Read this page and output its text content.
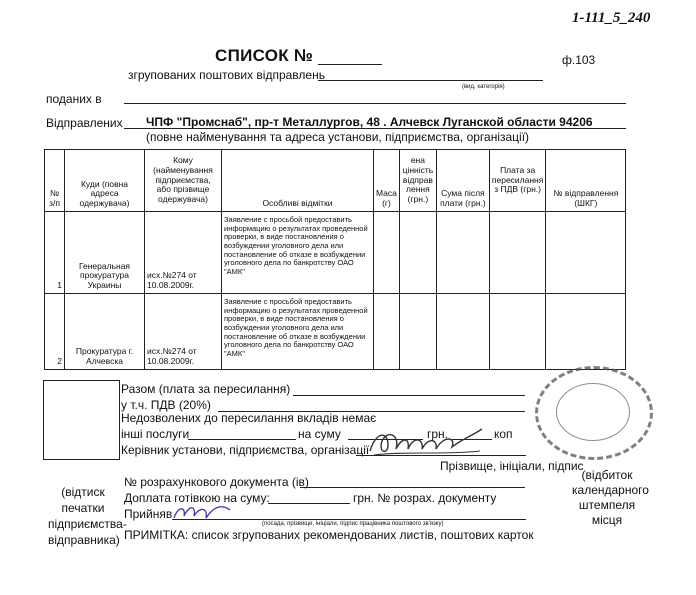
1-111_5_240
СПИСОК №	ф.103
згрупованих поштових відправлень
(вид, категорія)
поданих в
Відправлених ЧПФ "Промснаб", пр-т Металлургов, 48 . Алчевск Луганской области 94206
(повне найменування та адреса установи, підприємства, організації)
№ з/п	Куди (повна адреса одержувача)	Кому (найменування підприємства, або прізвище одержувача)	Особливі відмітки	Маса (г)	ена цінність відправ лення (грн.)	Сума після плати (грн.)	Плата за пересилання з ПДВ (грн.)	№ відправлення (ШКГ)
1	Генеральная прокуратура Украины	исх.№274 от 10.08.2009г.	Заявление с просьбой предоставить информацию о результатах проведенной проверки, в виде постановления о возбуждении уголовного дела или постановление об отказе в возбуждении уголовного дела по банкротству ОАО "АМК"					
2	Прокуратура г. Алчевска	исх.№274 от 10.08.2009г.	Заявление с просьбой предоставить информацию о результатах проведенной проверки, в виде постановления о возбуждении уголовного дела или постановление об отказе в возбуждении уголовного дела по банкротству ОАО "АМК"					
Разом (плата за пересилання)
у т.ч. ПДВ (20%)
Недозволених до пересилання вкладів немає
інші послуги	на суму	грн.	коп
Керівник установи, підприємства, організації
Прізвище, ініціали, підпис
(відтиск печатки підприємства-відправника)
№ розрахункового документа (ів)
Доплата готівкою на суму:	грн. № розрах. документу
Прийняв
(посада, прізвище, ініціали, підпис працівника поштового зв'язку)
ПРИМІТКА: список згрупованих рекомендованих листів, поштових карток
(відбиток календарного штемпеля місця
